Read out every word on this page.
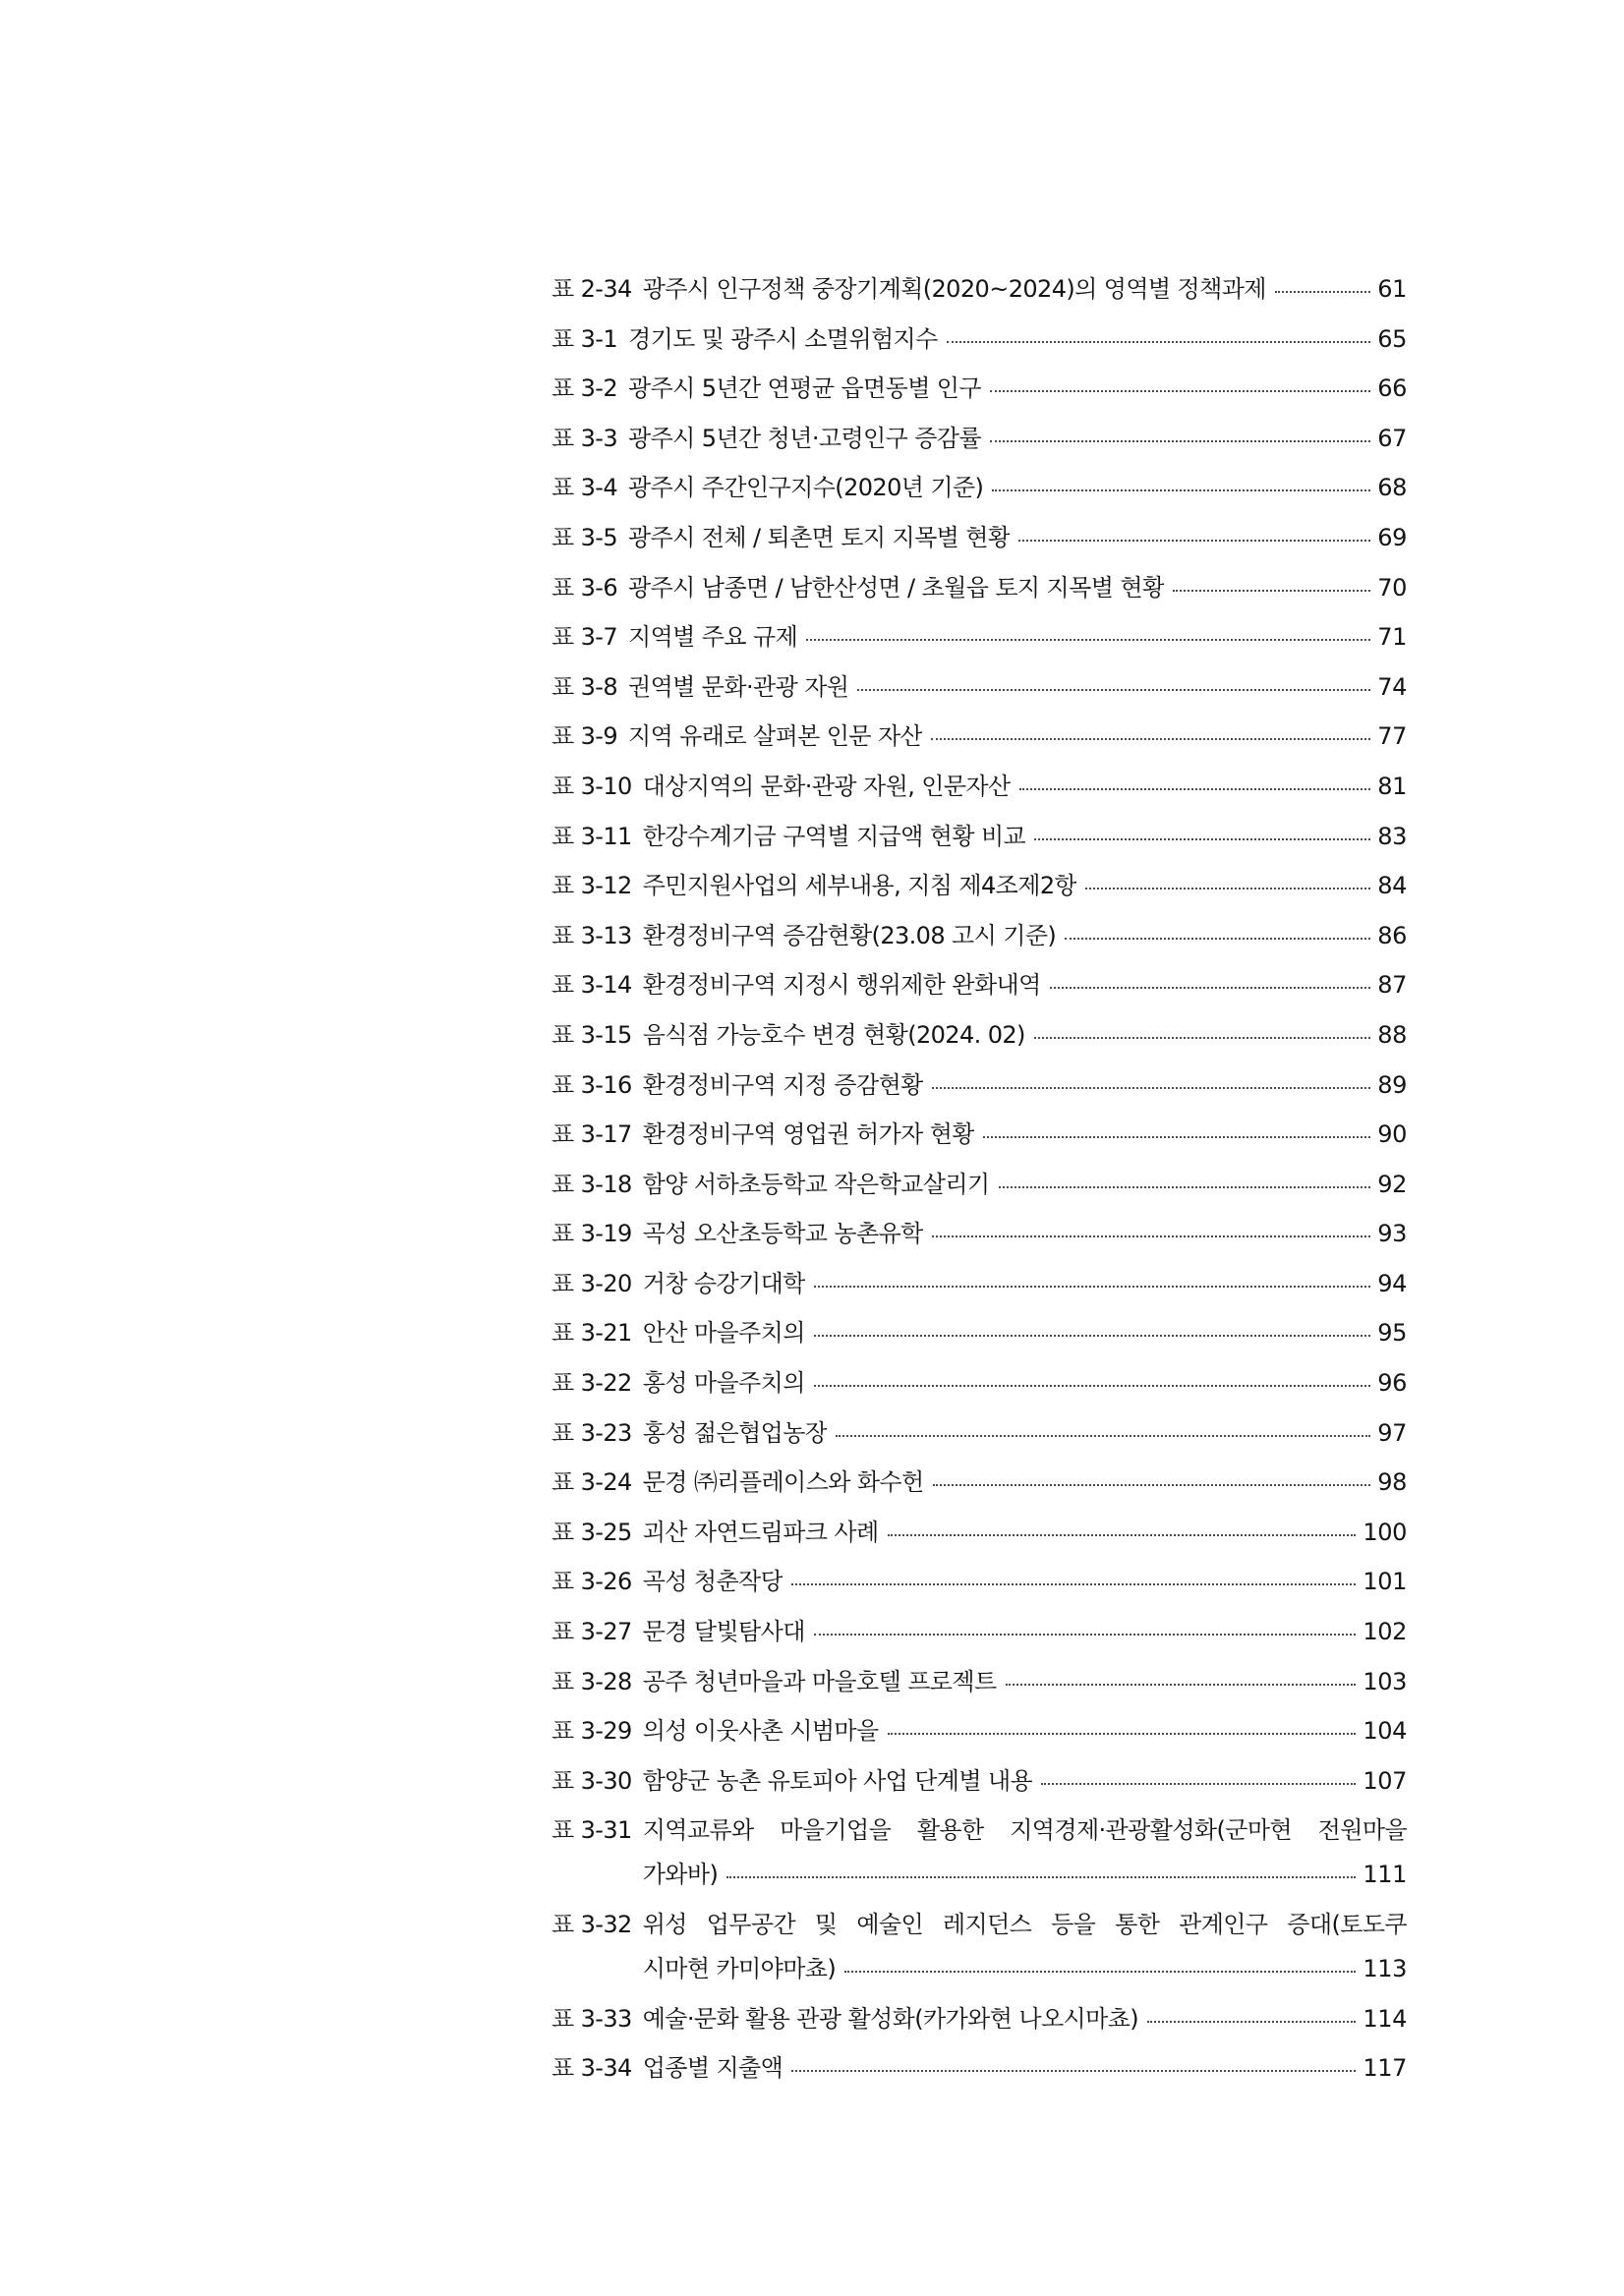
표 2-34 광주시 인구정책 중장기계획(2020~2024)의 영역별 정책과제	61
표 3-1 경기도 및 광주시 소멸위험지수	65
표 3-2 광주시 5년간 연평균 읍면동별 인구	66
표 3-3 광주시 5년간 청년·고령인구 증감률	67
표 3-4 광주시 주간인구지수(2020년 기준)	68
표 3-5 광주시 전체 / 퇴촌면 토지 지목별 현황	69
표 3-6 광주시 남종면 / 남한산성면 / 초월읍 토지 지목별 현황	70
표 3-7 지역별 주요 규제	71
표 3-8 권역별 문화·관광 자원	74
표 3-9 지역 유래로 살펴본 인문 자산	77
표 3-10 대상지역의 문화·관광 자원, 인문자산	81
표 3-11 한강수계기금 구역별 지급액 현황 비교	83
표 3-12 주민지원사업의 세부내용, 지침 제4조제2항	84
표 3-13 환경정비구역 증감현황(23.08 고시 기준)	86
표 3-14 환경정비구역 지정시 행위제한 완화내역	87
표 3-15 음식점 가능호수 변경 현황(2024. 02)	88
표 3-16 환경정비구역 지정 증감현황	89
표 3-17 환경정비구역 영업권 허가자 현황	90
표 3-18 함양 서하초등학교 작은학교살리기	92
표 3-19 곡성 오산초등학교 농촌유학	93
표 3-20 거창 승강기대학	94
표 3-21 안산 마을주치의	95
표 3-22 홍성 마을주치의	96
표 3-23 홍성 젊은협업농장	97
표 3-24 문경 ㈜리플레이스와 화수헌	98
표 3-25 괴산 자연드림파크 사례	100
표 3-26 곡성 청춘작당	101
표 3-27 문경 달빛탐사대	102
표 3-28 공주 청년마을과 마을호텔 프로젝트	103
표 3-29 의성 이웃사촌 시범마을	104
표 3-30 함양군 농촌 유토피아 사업 단계별 내용	107
표 3-31 지역교류와 마을기업을 활용한 지역경제·관광활성화(군마현 전원마을
가와바)	111
표 3-32 위성 업무공간 및 예술인 레지던스 등을 통한 관계인구 증대(토도쿠
시마현 카미야마쵸)	113
표 3-33 예술·문화 활용 관광 활성화(카가와현 나오시마쵸)	114
표 3-34 업종별 지출액	117
